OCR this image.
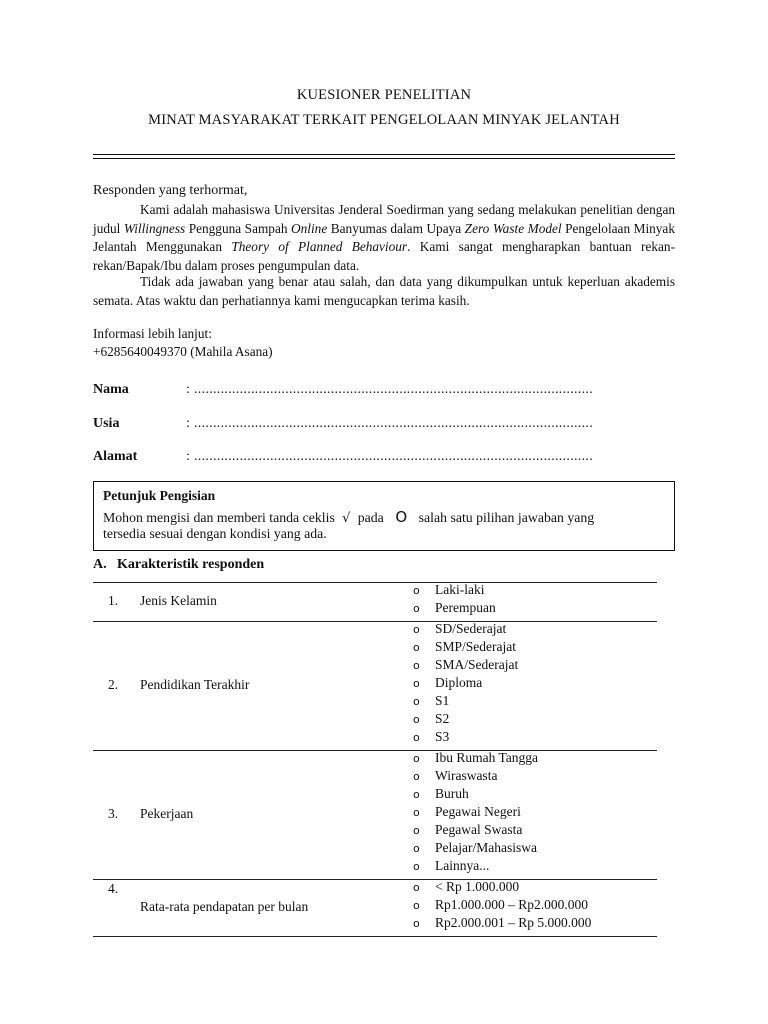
KUESIONER PENELITIAN
MINAT MASYARAKAT TERKAIT PENGELOLAAN MINYAK JELANTAH
Responden yang terhormat,
Kami adalah mahasiswa Universitas Jenderal Soedirman yang sedang melakukan penelitian dengan judul Willingness Pengguna Sampah Online Banyumas dalam Upaya Zero Waste Model Pengelolaan Minyak Jelantah Menggunakan Theory of Planned Behaviour. Kami sangat mengharapkan bantuan rekan-rekan/Bapak/Ibu dalam proses pengumpulan data.
Tidak ada jawaban yang benar atau salah, dan data yang dikumpulkan untuk keperluan akademis semata. Atas waktu dan perhatiannya kami mengucapkan terima kasih.
Informasi lebih lanjut:
+6285640049370 (Mahila Asana)
Nama	: .........................................................................................................
Usia	: .........................................................................................................
Alamat	: .........................................................................................................
Petunjuk Pengisian
Mohon mengisi dan memberi tanda ceklis √ pada O salah satu pilihan jawaban yang
tersedia sesuai dengan kondisi yang ada.
A. Karakteristik responden
1. Jenis Kelamin
o Laki-laki
o Perempuan
2. Pendidikan Terakhir
o SD/Sederajat
o SMP/Sederajat
o SMA/Sederajat
o Diploma
o S1
o S2
o S3
3. Pekerjaan
o Ibu Rumah Tangga
o Wiraswasta
o Buruh
o Pegawai Negeri
o Pegawal Swasta
o Pelajar/Mahasiswa
o Lainnya...
4.
Rata-rata pendapatan per bulan
o < Rp 1.000.000
o Rp1.000.000 – Rp2.000.000
o Rp2.000.001 – Rp 5.000.000
